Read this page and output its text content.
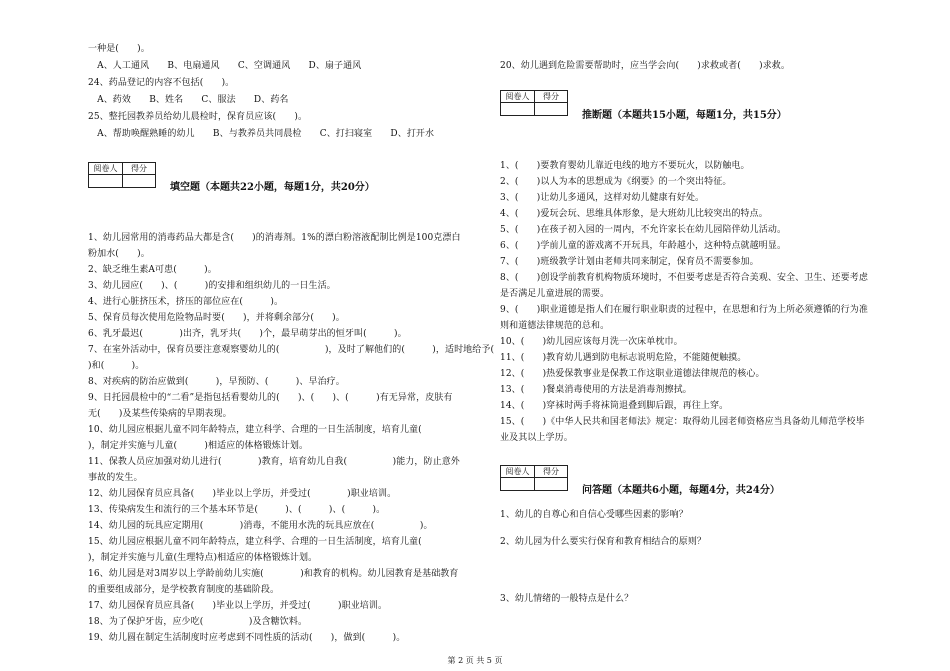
一种是(　　)。
　A、人工通风　　B、电扇通风　　C、空调通风　　D、扇子通风
24、药品登记的内容不包括(　　)。
　A、药效　　B、姓名　　C、服法　　D、药名
25、整托园教养员给幼儿晨检时，保育员应该(　　)。
　A、帮助唤醒熟睡的幼儿　　B、与教养员共同晨检　　C、打扫寝室　　D、打开水
阅卷人	得分
填空题（本题共22小题，每题1分，共20分）
1、幼儿园常用的消毒药品大都是含(　　)的消毒剂。1%的漂白粉溶液配制比例是100克漂白
粉加水(　　)。
2、缺乏维生素A可患(　　　)。
3、幼儿园应(　　)、(　　　)的安排和组织幼儿的一日生活。
4、进行心脏挤压术，挤压的部位应在(　　　)。
5、保育员每次使用危险物品时要(　　)，并将剩余部分(　　)。
6、乳牙最迟(　　　　)出齐，乳牙共(　　)个，最早萌芽出的恒牙叫(　　　)。
7、在室外活动中，保育员要注意观察婴幼儿的(　　　　　)，及时了解他们的(　　　)，适时地给予(
)和(　　　)。
8、对疾病的防治应做到(　　　)，早预防、(　　　)、早治疗。
9、日托园晨检中的“二看”是指包括看婴幼儿的(　　)、(　　)、(　　　)有无异常，皮肤有
无(　　)及某些传染病的早期表现。
10、幼儿园应根据儿童不同年龄特点，建立科学、合理的一日生活制度，培育儿童(　　　
)，制定并实施与儿童(　　　)相适应的体格锻炼计划。
11、保教人员应加强对幼儿进行(　　　　)教育，培育幼儿自我(　　　　　)能力，防止意外
事故的发生。
12、幼儿园保育员应具备(　　)毕业以上学历，并受过(　　　　)职业培训。
13、传染病发生和流行的三个基本环节是(　　　)、(　　　)、(　　　)。
14、幼儿园的玩具应定期用(　　　　)消毒，不能用水洗的玩具应放在(　　　　　)。
15、幼儿园应根据儿童不同年龄特点，建立科学、合理的一日生活制度，培育儿童(　　　
)，制定并实施与儿童(生理特点)相适应的体格锻炼计划。
16、幼儿园是对3周岁以上学龄前幼儿实施(　　　　)和教育的机构。幼儿园教育是基础教育
的重要组成部分，是学校教育制度的基础阶段。
17、幼儿园保育员应具备(　　)毕业以上学历，并受过(　　　)职业培训。
18、为了保护牙齿，应少吃(　　　　　)及含糖饮料。
19、幼儿圆在制定生活制度时应考虑到不同性质的活动(　　)，做到(　　　)。
20、幼儿遇到危险需要帮助时，应当学会向(　　)求救或者(　　)求救。
阅卷人	得分
推断题（本题共15小题，每题1分，共15分）
1、(　　)要教育婴幼儿靠近电线的地方不要玩火，以防触电。
2、(　　)以人为本的思想成为《纲要》的一个突出特征。
3、(　　)让幼儿多通风，这样对幼儿健康有好处。
4、(　　)爱玩会玩、思维具体形象，是大班幼儿比较突出的特点。
5、(　　)在孩子初入园的一周内，不允许家长在幼儿园陪伴幼儿活动。
6、(　　)学前儿童的游戏离不开玩具，年龄越小，这种特点就越明显。
7、(　　)班级教学计划由老师共同来制定，保育员不需要参加。
8、(　　)创设学前教育机构物质环境时，不但要考虑是否符合美观、安全、卫生、还要考虑
是否满足儿童进展的需要。
9、(　　)职业道德是指人们在履行职业职责的过程中，在思想和行为上所必须遵循的行为准
则和道德法律规范的总和。
10、(　　)幼儿园应该每月洗一次床单枕巾。
11、(　　)教育幼儿遇到防电标志说明危险，不能随便触摸。
12、(　　)热爱保教事业是保教工作这职业道德法律规范的核心。
13、(　　)餐桌消毒使用的方法是消毒剂擦拭。
14、(　　)穿袜时两手将袜筒退叠到脚后跟，再往上穿。
15、(　　)《中华人民共和国老师法》规定：取得幼儿园老师资格应当具备幼儿师范学校毕
业及其以上学历。
阅卷人	得分
问答题（本题共6小题，每题4分，共24分）
1、幼儿的自尊心和自信心受哪些因素的影响？
2、幼儿园为什么要实行保育和教育相结合的原则？
3、幼儿情绪的一般特点是什么？
第 2 页 共 5 页
